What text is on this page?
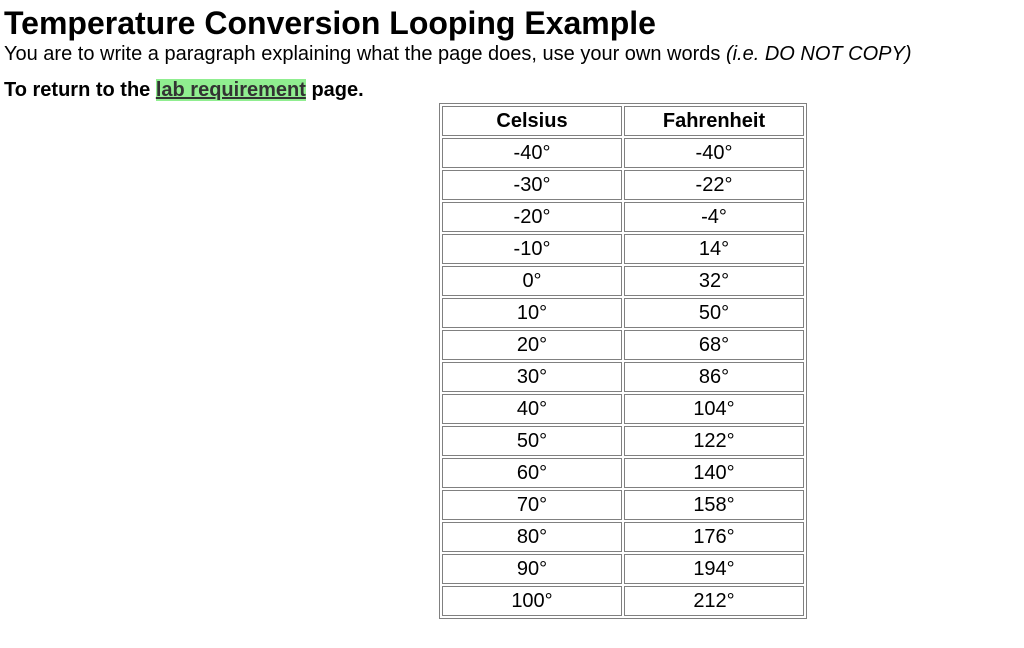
Temperature Conversion Looping Example

You are to write a paragraph explaining what the page does, use your own words (i.e. DO NOT COPY)

To return to the lab requirement page.

Celsius	Fahrenheit
-40°	-40°
-30°	-22°
-20°	-4°
-10°	14°
0°	32°
10°	50°
20°	68°
30°	86°
40°	104°
50°	122°
60°	140°
70°	158°
80°	176°
90°	194°
100°	212°
